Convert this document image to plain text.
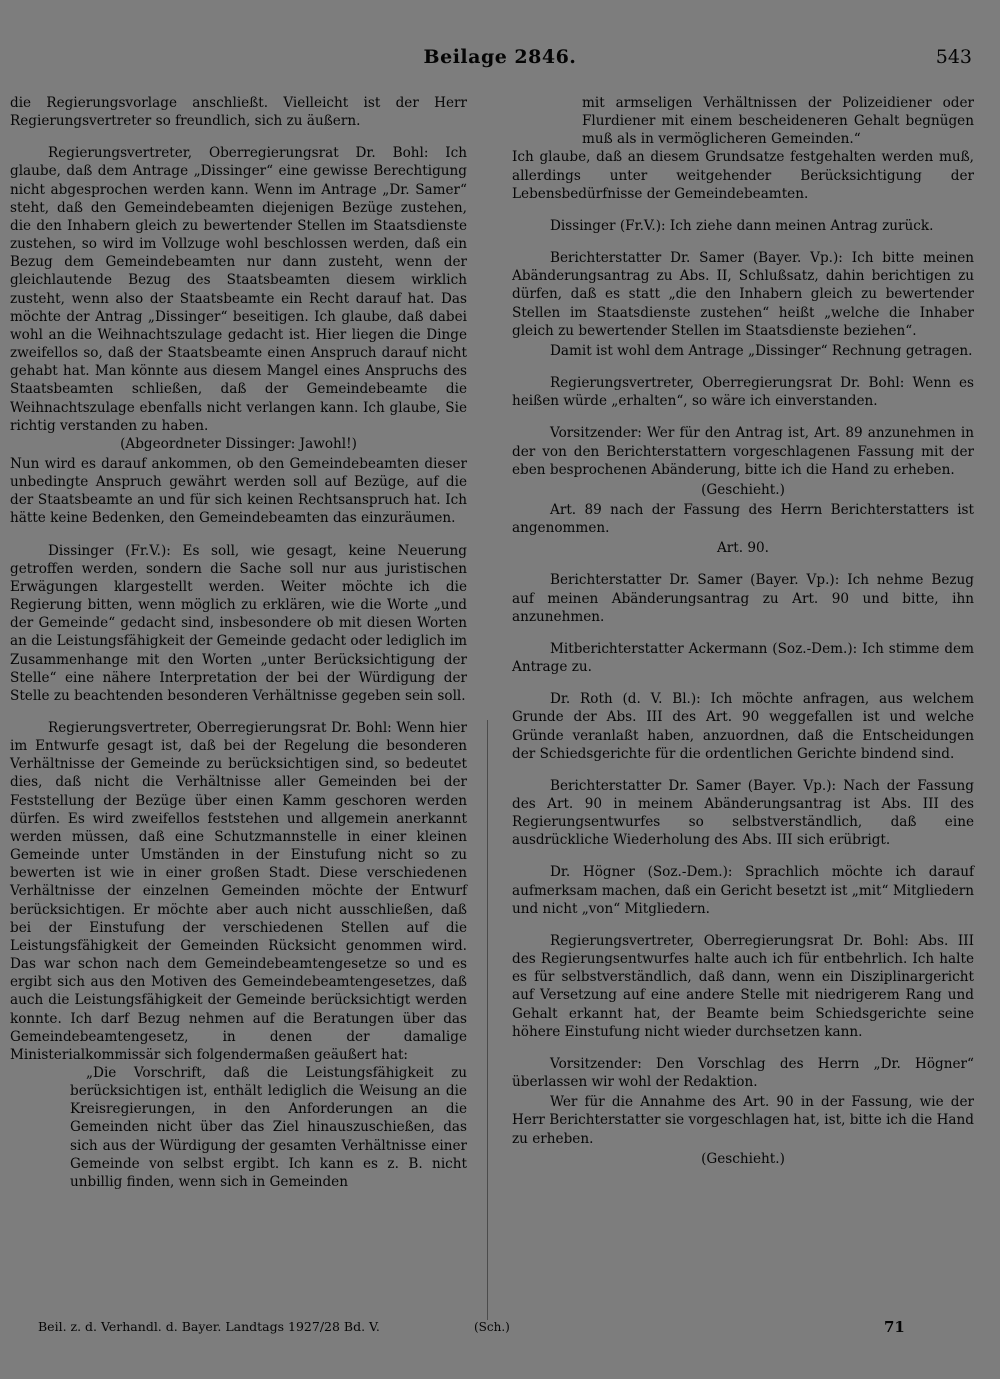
Beilage 2846.	543

die Regierungsvorlage anschließt. Vielleicht ist der Herr Regierungsvertreter so freundlich, sich zu äußern.

Regierungsvertreter, Oberregierungsrat Dr. Bohl: Ich glaube, daß dem Antrage „Dissinger“ eine gewisse Berechtigung nicht abgesprochen werden kann. Wenn im Antrage „Dr. Samer“ steht, daß den Gemeindebeamten diejenigen Bezüge zustehen, die den Inhabern gleich zu bewertender Stellen im Staatsdienste zustehen, so wird im Vollzuge wohl beschlossen werden, daß ein Bezug dem Gemeindebeamten nur dann zusteht, wenn der gleichlautende Bezug des Staatsbeamten diesem wirklich zusteht, wenn also der Staatsbeamte ein Recht darauf hat. Das möchte der Antrag „Dissinger“ beseitigen. Ich glaube, daß dabei wohl an die Weihnachtszulage gedacht ist. Hier liegen die Dinge zweifellos so, daß der Staatsbeamte einen Anspruch darauf nicht gehabt hat. Man könnte aus diesem Mangel eines Anspruchs des Staatsbeamten schließen, daß der Gemeindebeamte die Weihnachtszulage ebenfalls nicht verlangen kann. Ich glaube, Sie richtig verstanden zu haben.

(Abgeordneter Dissinger: Jawohl!)

Nun wird es darauf ankommen, ob den Gemeindebeamten dieser unbedingte Anspruch gewährt werden soll auf Bezüge, auf die der Staatsbeamte an und für sich keinen Rechtsanspruch hat. Ich hätte keine Bedenken, den Gemeindebeamten das einzuräumen.

Dissinger (Fr.V.): Es soll, wie gesagt, keine Neuerung getroffen werden, sondern die Sache soll nur aus juristischen Erwägungen klargestellt werden. Weiter möchte ich die Regierung bitten, wenn möglich zu erklären, wie die Worte „und der Gemeinde“ gedacht sind, insbesondere ob mit diesen Worten an die Leistungsfähigkeit der Gemeinde gedacht oder lediglich im Zusammenhange mit den Worten „unter Berücksichtigung der Stelle“ eine nähere Interpretation der bei der Würdigung der Stelle zu beachtenden besonderen Verhältnisse gegeben sein soll.

Regierungsvertreter, Oberregierungsrat Dr. Bohl: Wenn hier im Entwurfe gesagt ist, daß bei der Regelung die besonderen Verhältnisse der Gemeinde zu berücksichtigen sind, so bedeutet dies, daß nicht die Verhältnisse aller Gemeinden bei der Feststellung der Bezüge über einen Kamm geschoren werden dürfen. Es wird zweifellos feststehen und allgemein anerkannt werden müssen, daß eine Schutzmannstelle in einer kleinen Gemeinde unter Umständen in der Einstufung nicht so zu bewerten ist wie in einer großen Stadt. Diese verschiedenen Verhältnisse der einzelnen Gemeinden möchte der Entwurf berücksichtigen. Er möchte aber auch nicht ausschließen, daß bei der Einstufung der verschiedenen Stellen auf die Leistungsfähigkeit der Gemeinden Rücksicht genommen wird. Das war schon nach dem Gemeindebeamtengesetze so und es ergibt sich aus den Motiven des Gemeindebeamtengesetzes, daß auch die Leistungsfähigkeit der Gemeinde berücksichtigt werden konnte. Ich darf Bezug nehmen auf die Beratungen über das Gemeindebeamtengesetz, in denen der damalige Ministerialkommissär sich folgendermaßen geäußert hat:

„Die Vorschrift, daß die Leistungsfähigkeit zu berücksichtigen ist, enthält lediglich die Weisung an die Kreisregierungen, in den Anforderungen an die Gemeinden nicht über das Ziel hinauszuschießen, das sich aus der Würdigung der gesamten Verhältnisse einer Gemeinde von selbst ergibt. Ich kann es z. B. nicht unbillig finden, wenn sich in Gemeinden

mit armseligen Verhältnissen der Polizeidiener oder Flurdiener mit einem bescheideneren Gehalt begnügen muß als in vermöglicheren Gemeinden.“

Ich glaube, daß an diesem Grundsatze festgehalten werden muß, allerdings unter weitgehender Berücksichtigung der Lebensbedürfnisse der Gemeindebeamten.

Dissinger (Fr.V.): Ich ziehe dann meinen Antrag zurück.

Berichterstatter Dr. Samer (Bayer. Vp.): Ich bitte meinen Abänderungsantrag zu Abs. II, Schlußsatz, dahin berichtigen zu dürfen, daß es statt „die den Inhabern gleich zu bewertender Stellen im Staatsdienste zustehen“ heißt „welche die Inhaber gleich zu bewertender Stellen im Staatsdienste beziehen“.

Damit ist wohl dem Antrage „Dissinger“ Rechnung getragen.

Regierungsvertreter, Oberregierungsrat Dr. Bohl: Wenn es heißen würde „erhalten“, so wäre ich einverstanden.

Vorsitzender: Wer für den Antrag ist, Art. 89 anzunehmen in der von den Berichterstattern vorgeschlagenen Fassung mit der eben besprochenen Abänderung, bitte ich die Hand zu erheben.

(Geschieht.)

Art. 89 nach der Fassung des Herrn Berichterstatters ist angenommen.

Art. 90.

Berichterstatter Dr. Samer (Bayer. Vp.): Ich nehme Bezug auf meinen Abänderungsantrag zu Art. 90 und bitte, ihn anzunehmen.

Mitberichterstatter Ackermann (Soz.-Dem.): Ich stimme dem Antrage zu.

Dr. Roth (d. V. Bl.): Ich möchte anfragen, aus welchem Grunde der Abs. III des Art. 90 weggefallen ist und welche Gründe veranlaßt haben, anzuordnen, daß die Entscheidungen der Schiedsgerichte für die ordentlichen Gerichte bindend sind.

Berichterstatter Dr. Samer (Bayer. Vp.): Nach der Fassung des Art. 90 in meinem Abänderungsantrag ist Abs. III des Regierungsentwurfes so selbstverständlich, daß eine ausdrückliche Wiederholung des Abs. III sich erübrigt.

Dr. Högner (Soz.-Dem.): Sprachlich möchte ich darauf aufmerksam machen, daß ein Gericht besetzt ist „mit“ Mitgliedern und nicht „von“ Mitgliedern.

Regierungsvertreter, Oberregierungsrat Dr. Bohl: Abs. III des Regierungsentwurfes halte auch ich für entbehrlich. Ich halte es für selbstverständlich, daß dann, wenn ein Disziplinargericht auf Versetzung auf eine andere Stelle mit niedrigerem Rang und Gehalt erkannt hat, der Beamte beim Schiedsgerichte seine höhere Einstufung nicht wieder durchsetzen kann.

Vorsitzender: Den Vorschlag des Herrn „Dr. Högner“ überlassen wir wohl der Redaktion.

Wer für die Annahme des Art. 90 in der Fassung, wie der Herr Berichterstatter sie vorgeschlagen hat, ist, bitte ich die Hand zu erheben.

(Geschieht.)

Beil. z. d. Verhandl. d. Bayer. Landtags 1927/28 Bd. V.	(Sch.)	71
